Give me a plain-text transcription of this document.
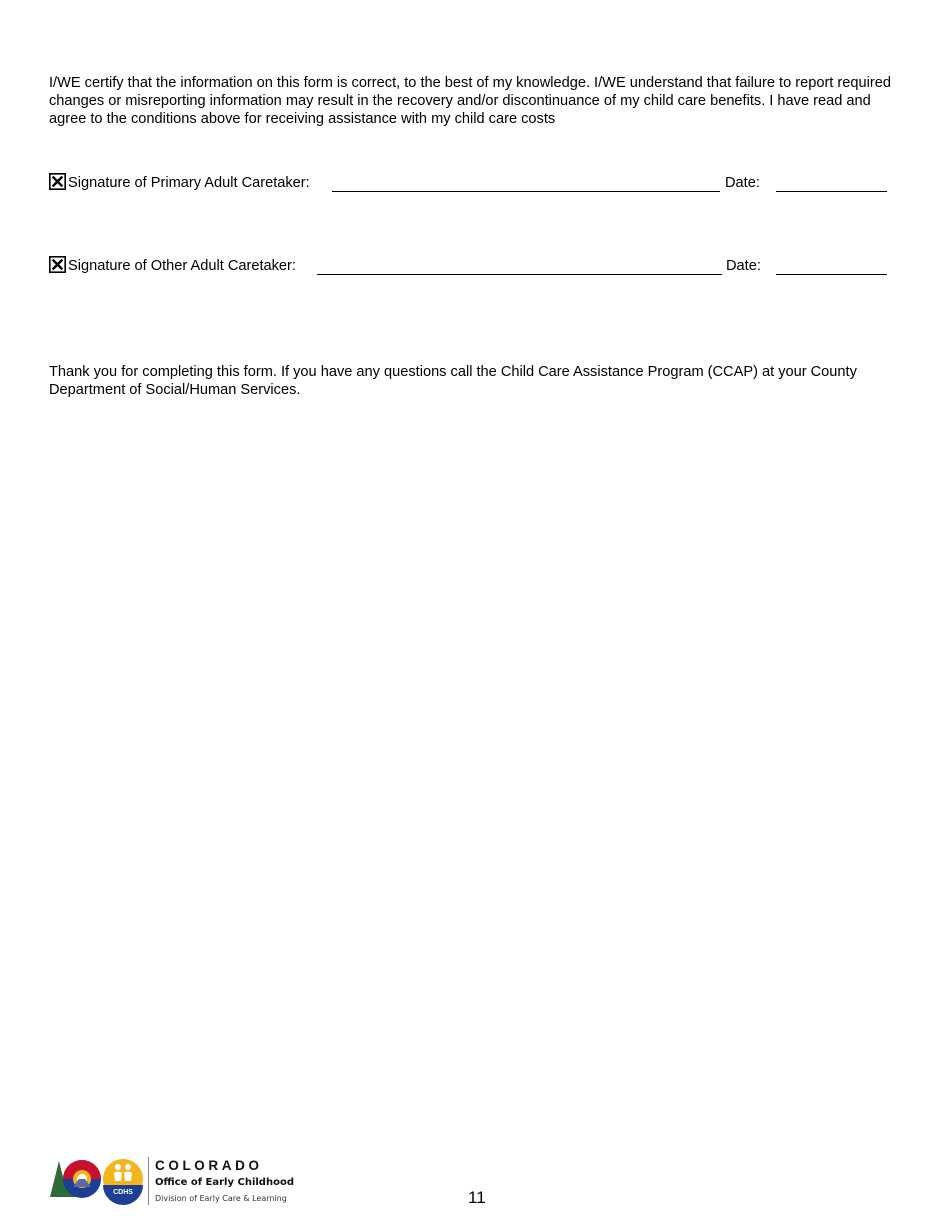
I/WE certify that the information on this form is correct, to the best of my knowledge. I/WE understand that failure to report required changes or misreporting information may result in the recovery and/or discontinuance of my child care benefits. I have read and agree to the conditions above for receiving assistance with my child care costs

Signature of Primary Adult Caretaker:	Date:
Signature of Other Adult Caretaker:	Date:

Thank you for completing this form. If you have any questions call the Child Care Assistance Program (CCAP) at your County Department of Social/Human Services.

CDHS
COLORADO
Office of Early Childhood
Division of Early Care & Learning	11
